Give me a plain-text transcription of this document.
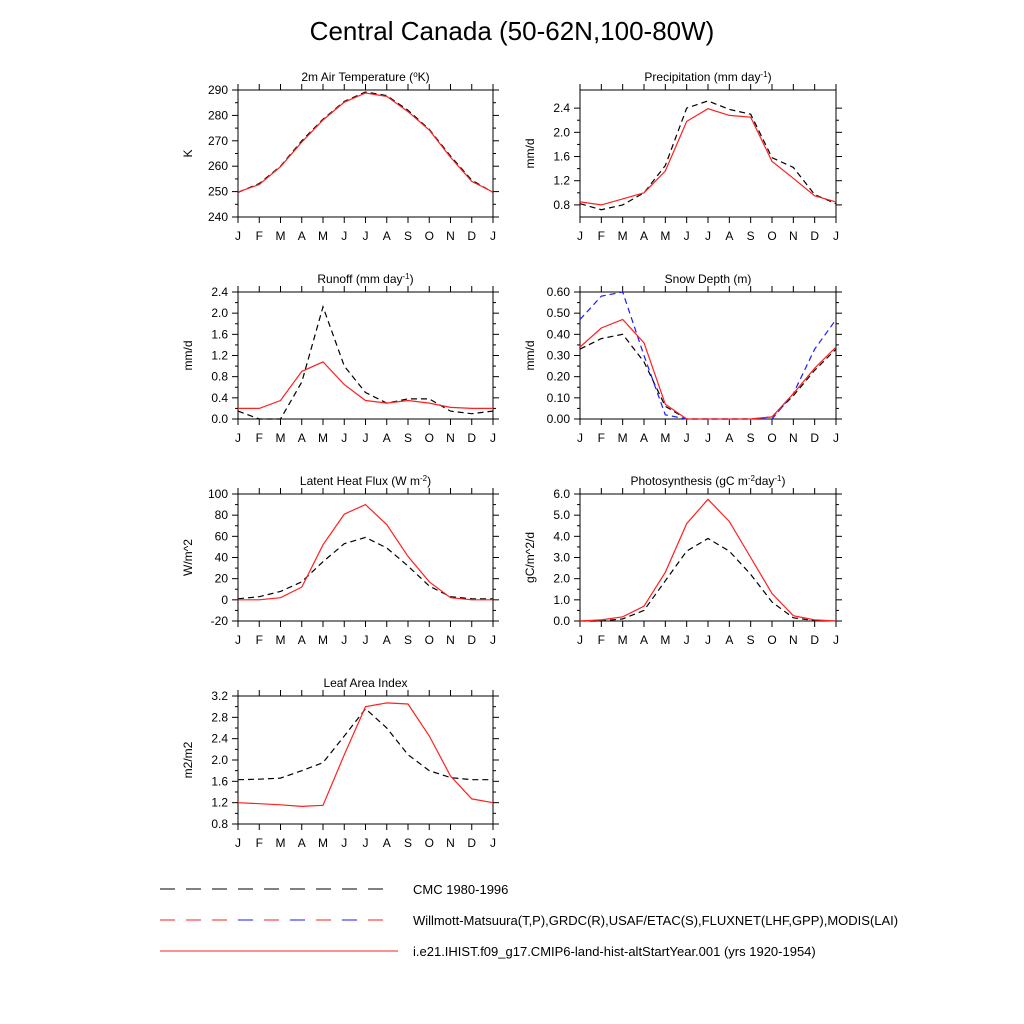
Central Canada (50-62N,100-80W)
2m Air Temperature ($^o$K)
240
250
260
270
280
290
J F M A M J J A S O N D J
K
Precipitation (mm day$^{-1}$)
0.8
1.2
1.6
2.0
2.4
J F M A M J J A S O N D J
mm/d
Runoff (mm day$^{-1}$)
0.0
0.4
0.8
1.2
1.6
2.0
2.4
J F M A M J J A S O N D J
mm/d
Snow Depth (m)
0.00
0.10
0.20
0.30
0.40
0.50
0.60
J F M A M J J A S O N D J
mm/d
Latent Heat Flux (W $m^{-2}$)
-20
0
20
40
60
80
100
J F M A M J J A S O N D J
W/m^2
Photosynthesis (gC $m^{-2}day^{-1}$)
0.0
1.0
2.0
3.0
4.0
5.0
6.0
J F M A M J J A S O N D J
gC/m^2/d
Leaf Area Index
0.8
1.2
1.6
2.0
2.4
2.8
3.2
J F M A M J J A S O N D J
m2/m2
CMC 1980-1996
Willmott-Matsuura(T,P),GRDC(R),USAF/ETAC(S),FLUXNET(LHF,GPP),MODIS(LAI)
i.e21.IHIST.f09_g17.CMIP6-land-hist-altStartYear.001 (yrs 1920-1954)
